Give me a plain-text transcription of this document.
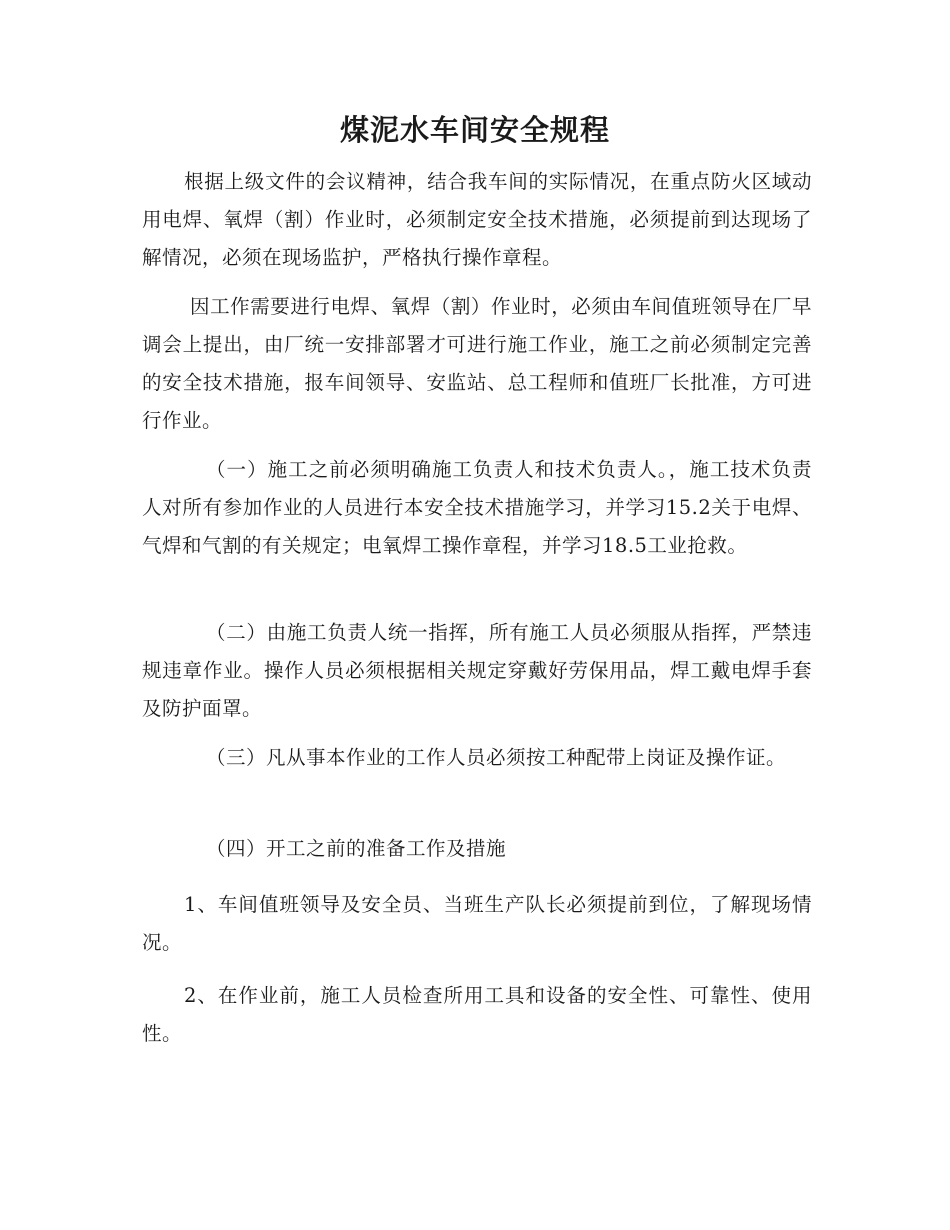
煤泥水车间安全规程

根据上级文件的会议精神，结合我车间的实际情况，在重点防火区域动用电焊、氧焊（割）作业时，必须制定安全技术措施，必须提前到达现场了解情况，必须在现场监护，严格执行操作章程。

因工作需要进行电焊、氧焊（割）作业时，必须由车间值班领导在厂早调会上提出，由厂统一安排部署才可进行施工作业，施工之前必须制定完善的安全技术措施，报车间领导、安监站、总工程师和值班厂长批准，方可进行作业。

（一）施工之前必须明确施工负责人和技术负责人。，施工技术负责人对所有参加作业的人员进行本安全技术措施学习，并学习15.2关于电焊、气焊和气割的有关规定；电氧焊工操作章程，并学习18.5工业抢救。

（二）由施工负责人统一指挥，所有施工人员必须服从指挥，严禁违规违章作业。操作人员必须根据相关规定穿戴好劳保用品，焊工戴电焊手套及防护面罩。

（三）凡从事本作业的工作人员必须按工种配带上岗证及操作证。

（四）开工之前的准备工作及措施

1、车间值班领导及安全员、当班生产队长必须提前到位，了解现场情况。

2、在作业前，施工人员检查所用工具和设备的安全性、可靠性、使用性。
